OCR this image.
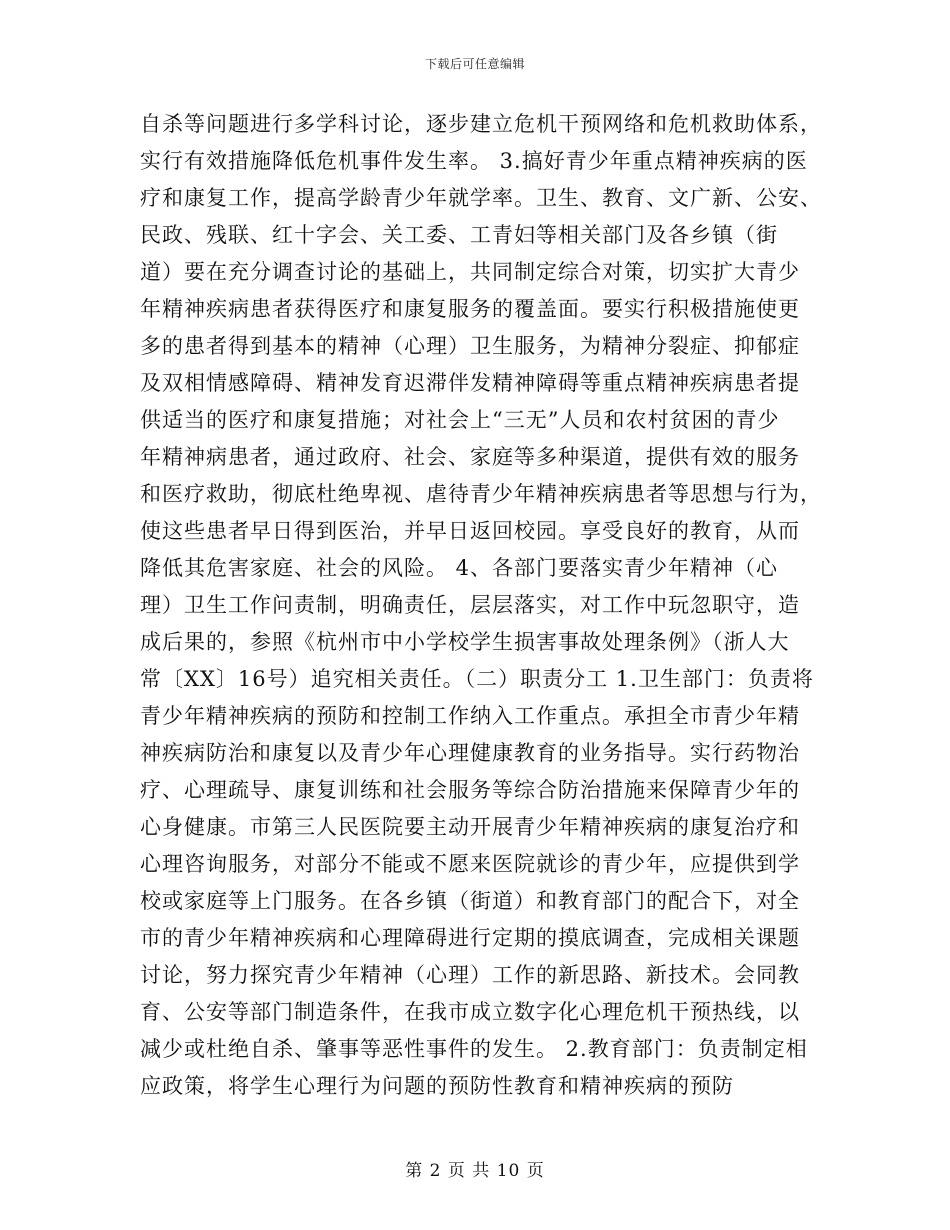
下载后可任意编辑
自杀等问题进行多学科讨论，逐步建立危机干预网络和危机救助体系，
实行有效措施降低危机事件发生率。 3.搞好青少年重点精神疾病的医
疗和康复工作，提高学龄青少年就学率。卫生、教育、文广新、公安、
民政、残联、红十字会、关工委、工青妇等相关部门及各乡镇（街
道）要在充分调查讨论的基础上，共同制定综合对策，切实扩大青少
年精神疾病患者获得医疗和康复服务的覆盖面。要实行积极措施使更
多的患者得到基本的精神（心理）卫生服务，为精神分裂症、抑郁症
及双相情感障碍、精神发育迟滞伴发精神障碍等重点精神疾病患者提
供适当的医疗和康复措施；对社会上“三无”人员和农村贫困的青少
年精神病患者，通过政府、社会、家庭等多种渠道，提供有效的服务
和医疗救助，彻底杜绝卑视、虐待青少年精神疾病患者等思想与行为，
使这些患者早日得到医治，并早日返回校园。享受良好的教育，从而
降低其危害家庭、社会的风险。 4、各部门要落实青少年精神（心
理）卫生工作问责制，明确责任，层层落实，对工作中玩忽职守，造
成后果的，参照《杭州市中小学校学生损害事故处理条例》（浙人大
常〔XX〕16号）追究相关责任。（二）职责分工 1.卫生部门：负责将
青少年精神疾病的预防和控制工作纳入工作重点。承担全市青少年精
神疾病防治和康复以及青少年心理健康教育的业务指导。实行药物治
疗、心理疏导、康复训练和社会服务等综合防治措施来保障青少年的
心身健康。市第三人民医院要主动开展青少年精神疾病的康复治疗和
心理咨询服务，对部分不能或不愿来医院就诊的青少年，应提供到学
校或家庭等上门服务。在各乡镇（街道）和教育部门的配合下，对全
市的青少年精神疾病和心理障碍进行定期的摸底调查，完成相关课题
讨论，努力探究青少年精神（心理）工作的新思路、新技术。会同教
育、公安等部门制造条件，在我市成立数字化心理危机干预热线，以
减少或杜绝自杀、肇事等恶性事件的发生。 2.教育部门：负责制定相
应政策，将学生心理行为问题的预防性教育和精神疾病的预防
第 2 页 共 10 页
